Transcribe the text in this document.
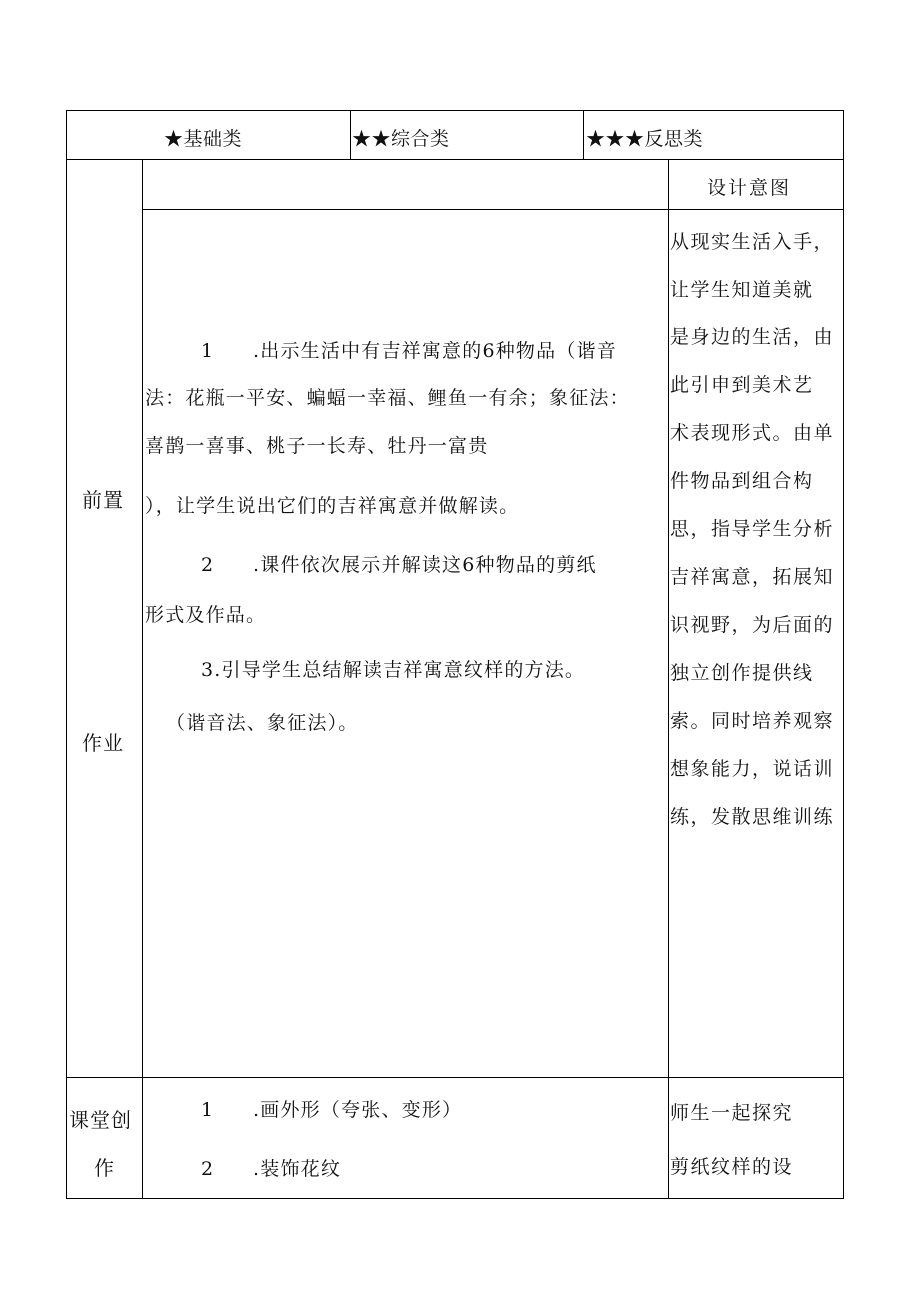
★基础类	★★综合类	★★★反思类
前置
作业
设计意图
1 .出示生活中有吉祥寓意的6种物品（谐音
法：花瓶一平安、蝙蝠一幸福、鲤鱼一有余；象征法：
喜鹊一喜事、桃子一长寿、牡丹一富贵
），让学生说出它们的吉祥寓意并做解读。
2 .课件依次展示并解读这6种物品的剪纸
形式及作品。
3.引导学生总结解读吉祥寓意纹样的方法。
（谐音法、象征法）。
从现实生活入手，
让学生知道美就
是身边的生活，由
此引申到美术艺
术表现形式。由单
件物品到组合构
思，指导学生分析
吉祥寓意，拓展知
识视野，为后面的
独立创作提供线
索。同时培养观察
想象能力，说话训
练，发散思维训练
课堂创
作
1 .画外形（夸张、变形）
2 .装饰花纹
师生一起探究
剪纸纹样的设
